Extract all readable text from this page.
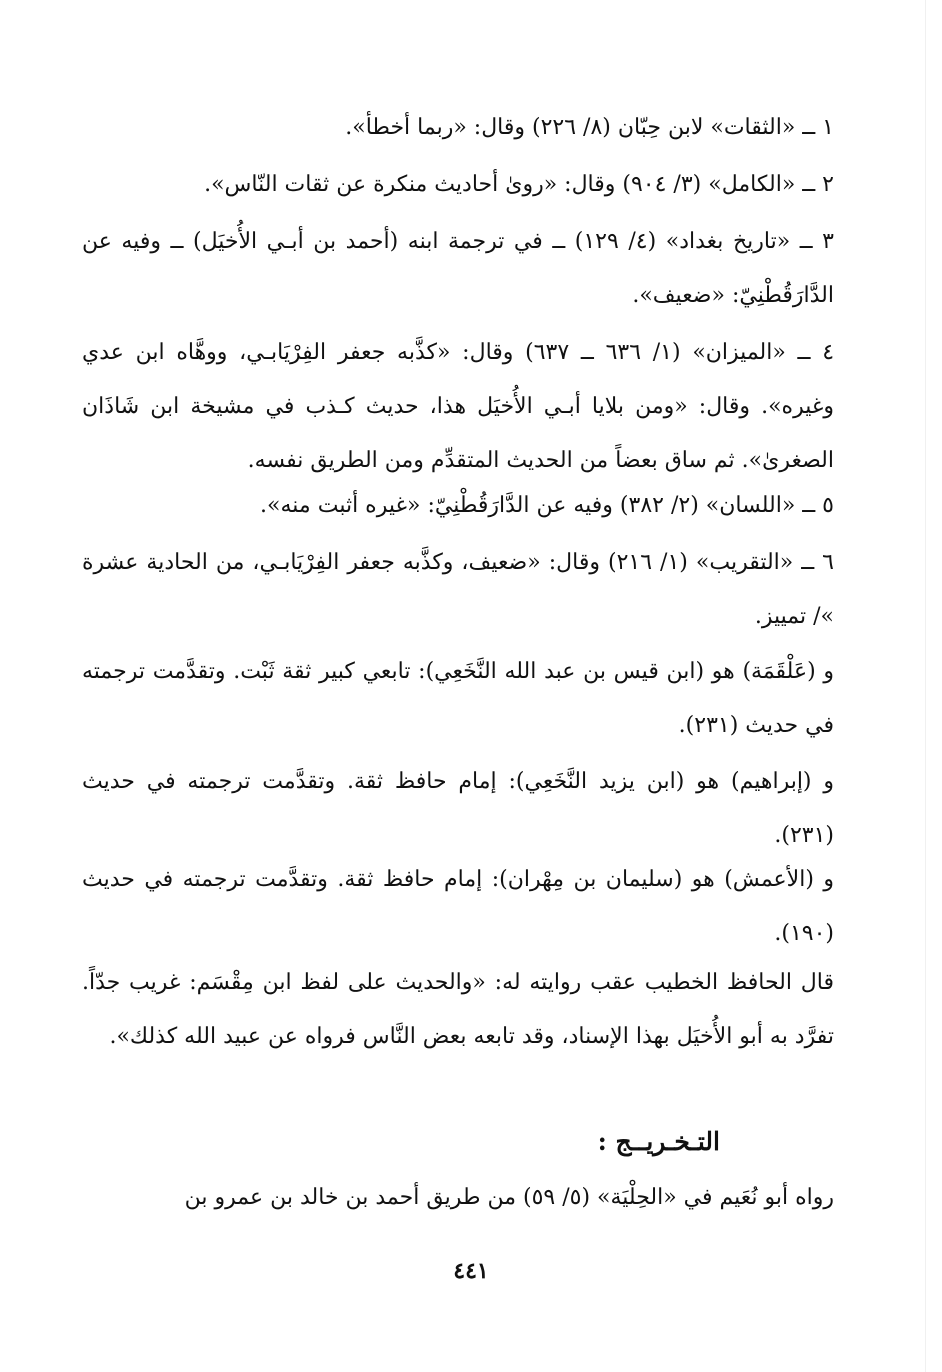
١ ــ «الثقات» لابن حِبّان (٨/ ٢٢٦) وقال: «ربما أخطأ».
٢ ــ «الكامل» (٣/ ٩٠٤) وقال: «روىٰ أحاديث منكرة عن ثقات النّاس».
٣ ــ «تاريخ بغداد» (٤/ ١٢٩) ــ في ترجمة ابنه (أحمد بن أبـي الأُخيَل) ــ وفيه عن الدَّارَقُطْنِيّ: «ضعيف».
٤ ــ «الميزان» (١/ ٦٣٦ ــ ٦٣٧) وقال: «كذَّبه جعفر الفِرْيَابـي، ووهَّاه ابن عدي وغيره». وقال: «ومن بلايا أبـي الأُخيَل هذا، حديث كـذب في مشيخة ابن شَاذَان الصغرىٰ». ثم ساق بعضاً من الحديث المتقدِّم ومن الطريق نفسه.
٥ ــ «اللسان» (٢/ ٣٨٢) وفيه عن الدَّارَقُطْنِيّ: «غيره أثبت منه».
٦ ــ «التقريب» (١/ ٢١٦) وقال: «ضعيف، وكذَّبه جعفر الفِرْيَابـي، من الحادية عشرة »/ تمييز.
و (عَلْقَمَة) هو (ابن قيس بن عبد الله النَّخَعِي): تابعي كبير ثقة ثَبْت. وتقدَّمت ترجمته في حديث (٢٣١).
و (إبراهيم) هو (ابن يزيد النَّخَعِي): إمام حافظ ثقة. وتقدَّمت ترجمته في حديث (٢٣١).
و (الأعمش) هو (سليمان بن مِهْران): إمام حافظ ثقة. وتقدَّمت ترجمته في حديث (١٩٠).
قال الحافظ الخطيب عقب روايته له: «والحديث على لفظ ابن مِقْسَم: غريب جدّاً. تفرَّد به أبو الأُخيَل بهذا الإسناد، وقد تابعه بعض النَّاس فرواه عن عبيد الله كذلك».
التـخـريــج :
رواه أبو نُعَيم في «الحِلْيَة» (٥/ ٥٩) من طريق أحمد بن خالد بن عمرو بن
٤٤١
